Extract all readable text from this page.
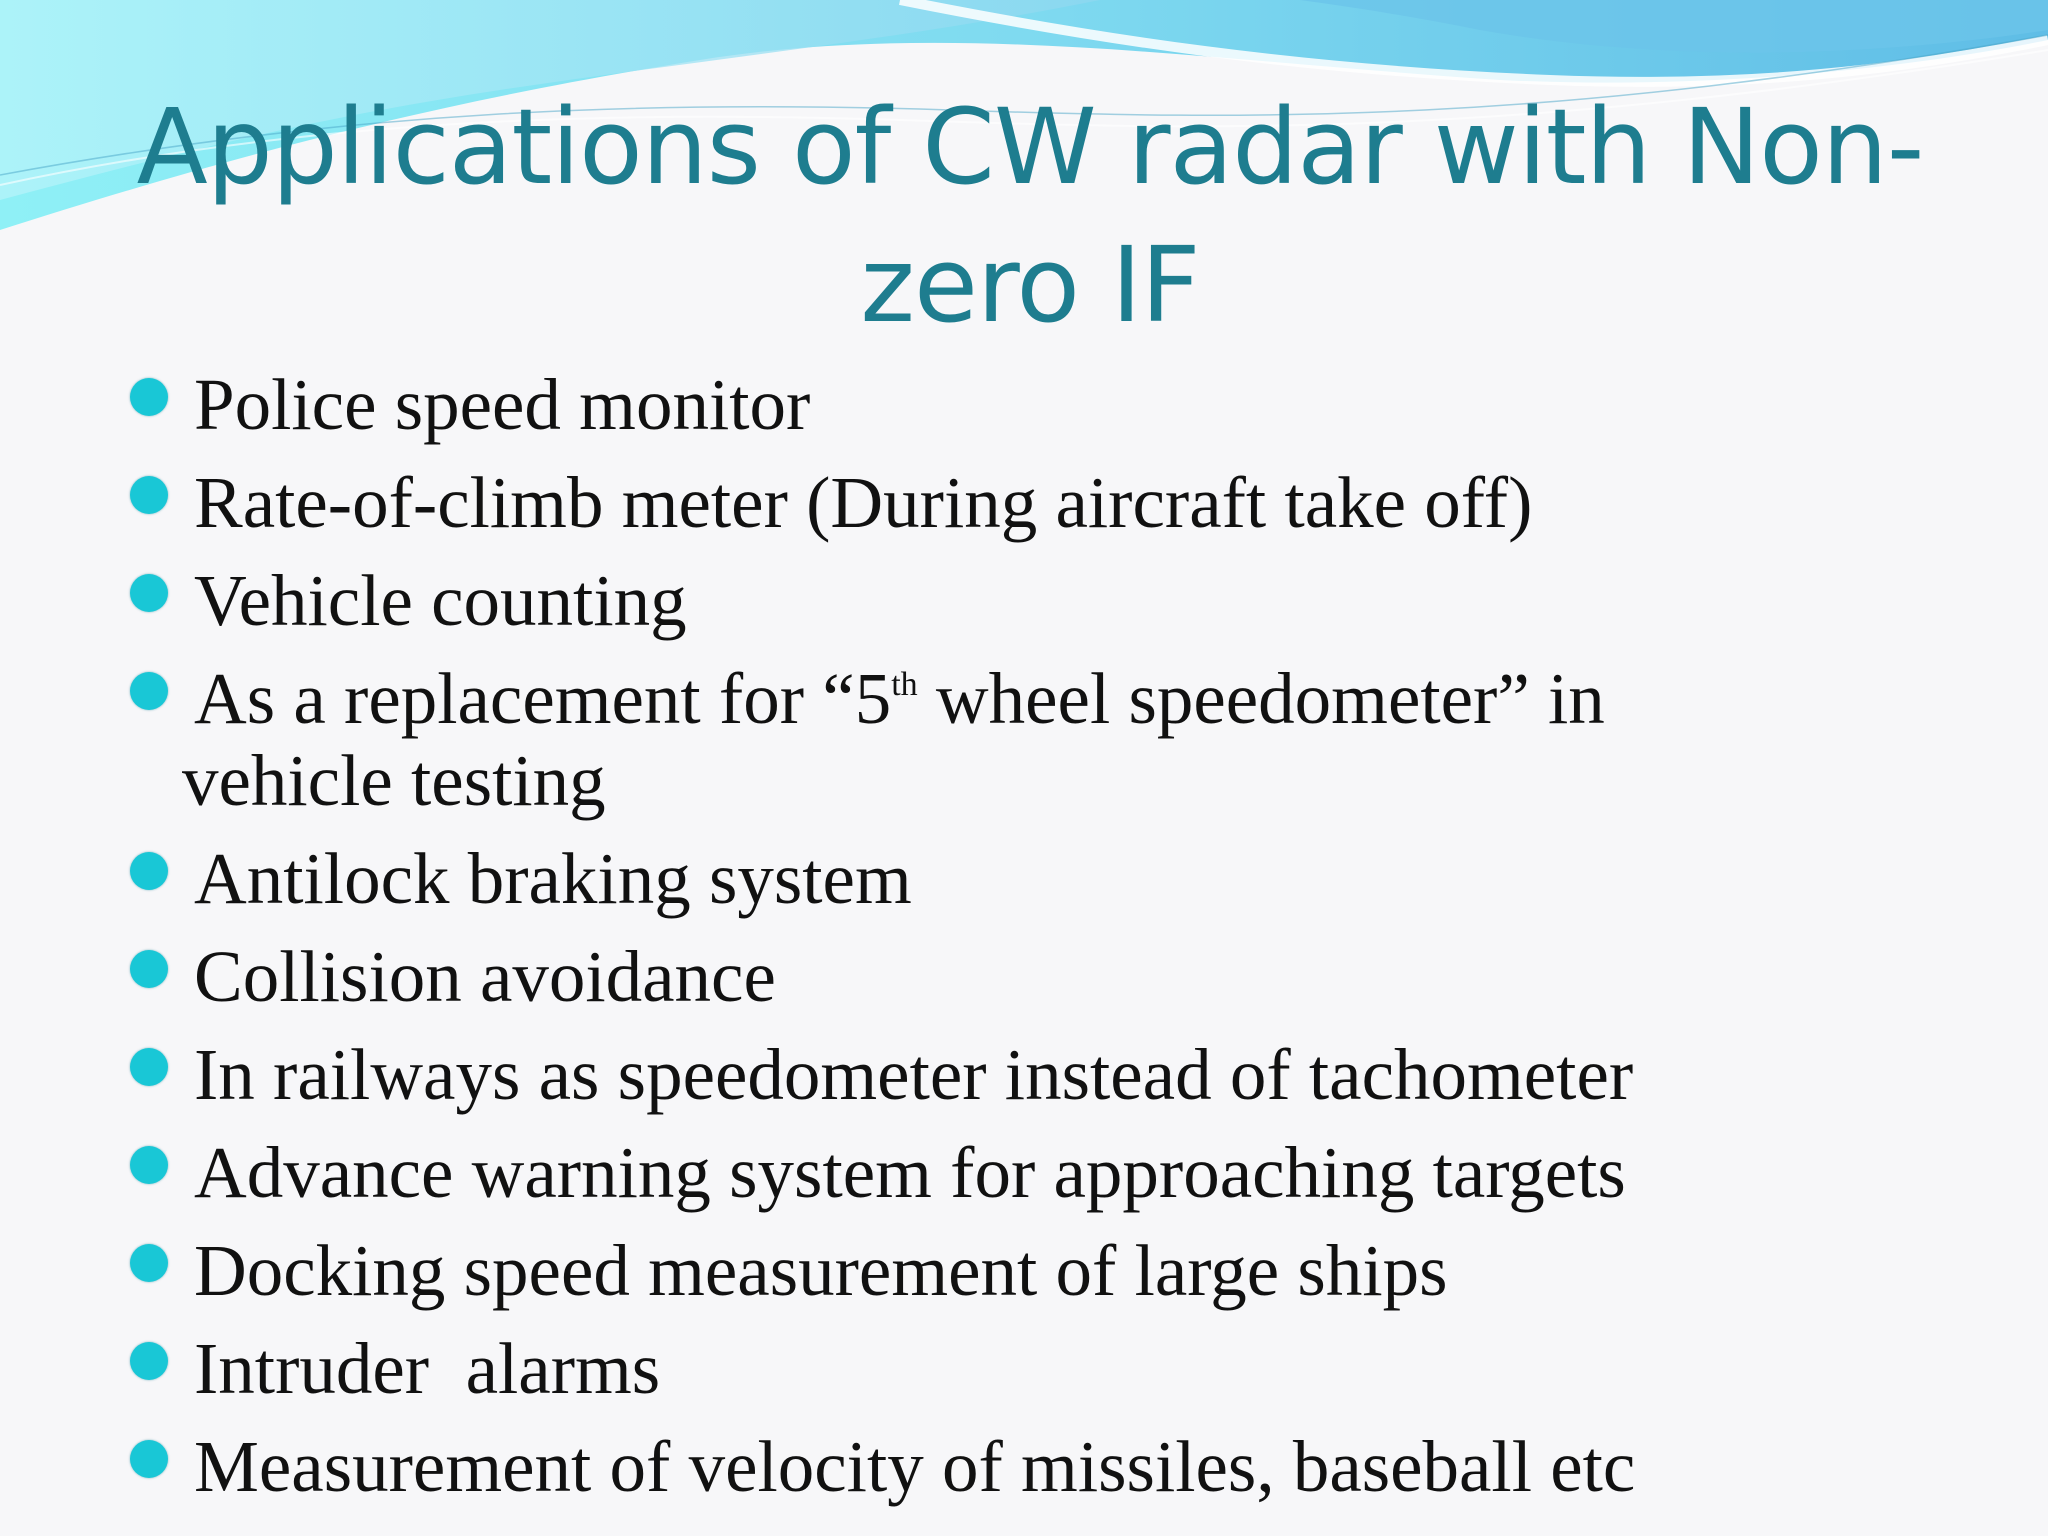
Applications of CW radar with Non-zero IF
Police speed monitor
Rate-of-climb meter (During aircraft take off)
Vehicle counting
As a replacement for “5th wheel speedometer” in
vehicle testing
Antilock braking system
Collision avoidance
In railways as speedometer instead of tachometer
Advance warning system for approaching targets
Docking speed measurement of large ships
Intruder  alarms
Measurement of velocity of missiles, baseball etc
